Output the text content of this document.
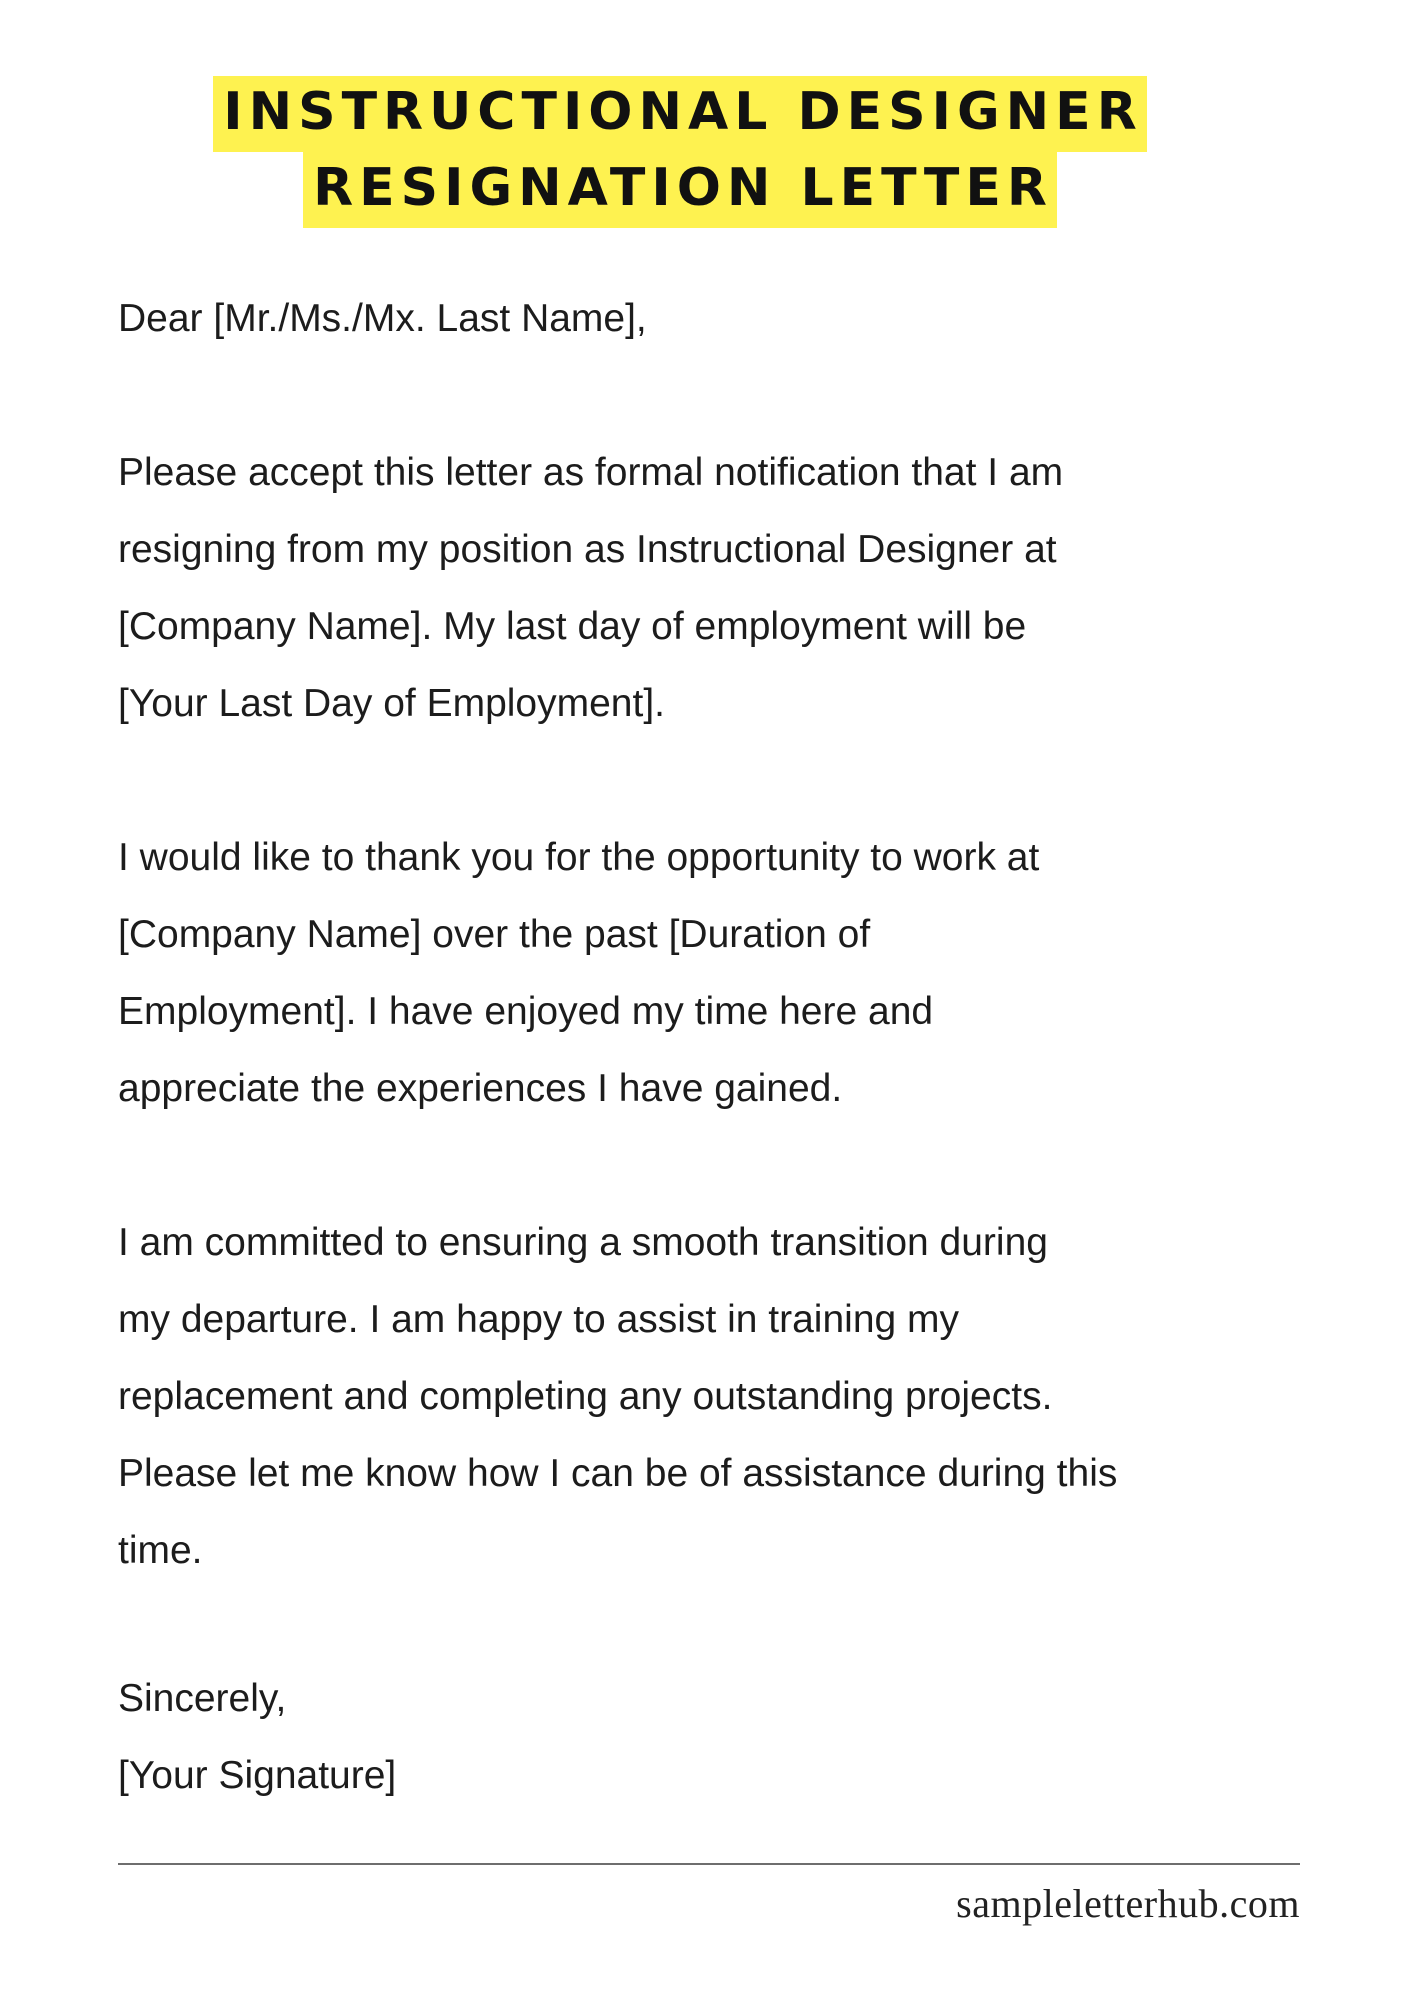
INSTRUCTIONAL DESIGNER
RESIGNATION LETTER

Dear [Mr./Ms./Mx. Last Name],

Please accept this letter as formal notification that I am
resigning from my position as Instructional Designer at
[Company Name]. My last day of employment will be
[Your Last Day of Employment].

I would like to thank you for the opportunity to work at
[Company Name] over the past [Duration of
Employment]. I have enjoyed my time here and
appreciate the experiences I have gained.

I am committed to ensuring a smooth transition during
my departure. I am happy to assist in training my
replacement and completing any outstanding projects.
Please let me know how I can be of assistance during this
time.

Sincerely,
[Your Signature]
sampleletterhub.com
